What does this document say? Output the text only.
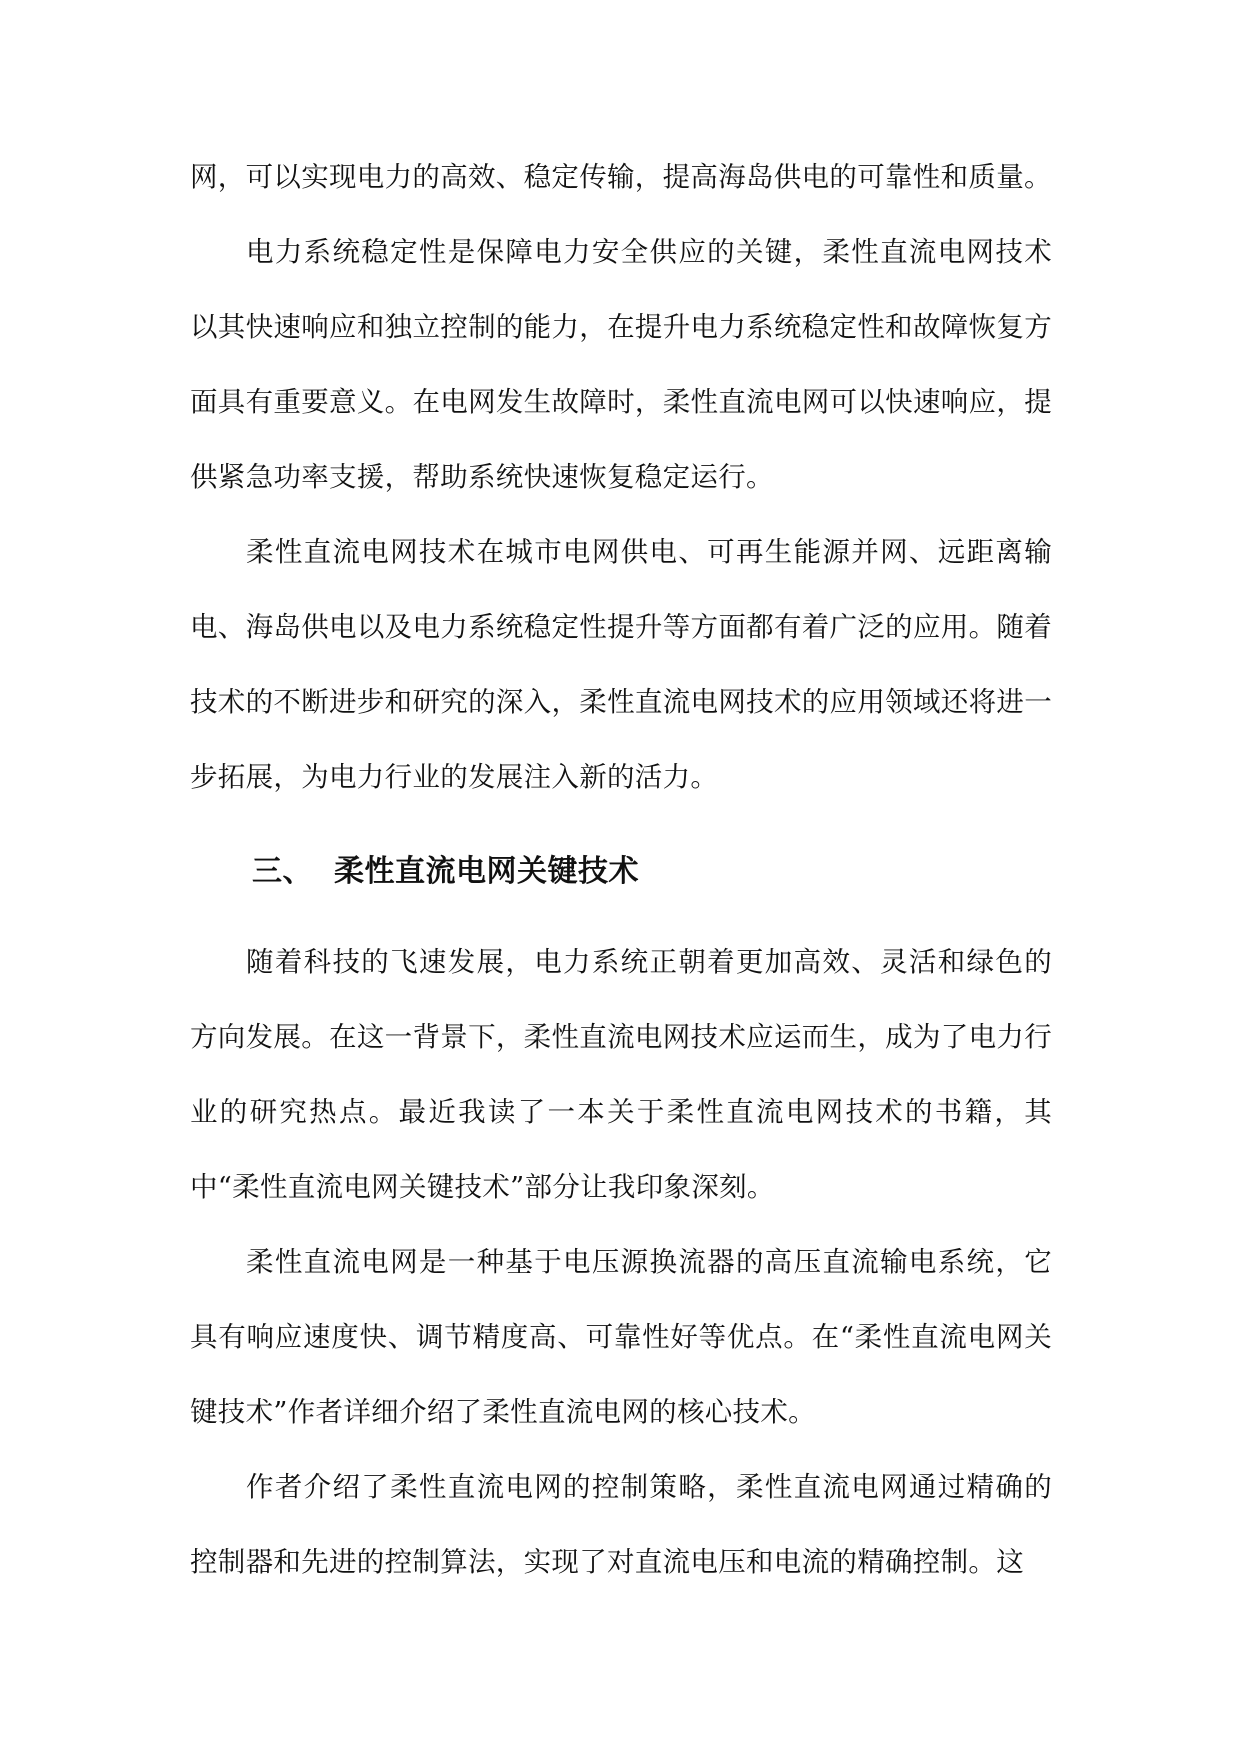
网，可以实现电力的高效、稳定传输，提高海岛供电的可靠性和质量。

电力系统稳定性是保障电力安全供应的关键，柔性直流电网技术以其快速响应和独立控制的能力，在提升电力系统稳定性和故障恢复方面具有重要意义。在电网发生故障时，柔性直流电网可以快速响应，提供紧急功率支援，帮助系统快速恢复稳定运行。

柔性直流电网技术在城市电网供电、可再生能源并网、远距离输电、海岛供电以及电力系统稳定性提升等方面都有着广泛的应用。随着技术的不断进步和研究的深入，柔性直流电网技术的应用领域还将进一步拓展，为电力行业的发展注入新的活力。

三、 柔性直流电网关键技术

随着科技的飞速发展，电力系统正朝着更加高效、灵活和绿色的方向发展。在这一背景下，柔性直流电网技术应运而生，成为了电力行业的研究热点。最近我读了一本关于柔性直流电网技术的书籍，其中“柔性直流电网关键技术”部分让我印象深刻。

柔性直流电网是一种基于电压源换流器的高压直流输电系统，它具有响应速度快、调节精度高、可靠性好等优点。在“柔性直流电网关键技术”作者详细介绍了柔性直流电网的核心技术。

作者介绍了柔性直流电网的控制策略，柔性直流电网通过精确的控制器和先进的控制算法，实现了对直流电压和电流的精确控制。这
